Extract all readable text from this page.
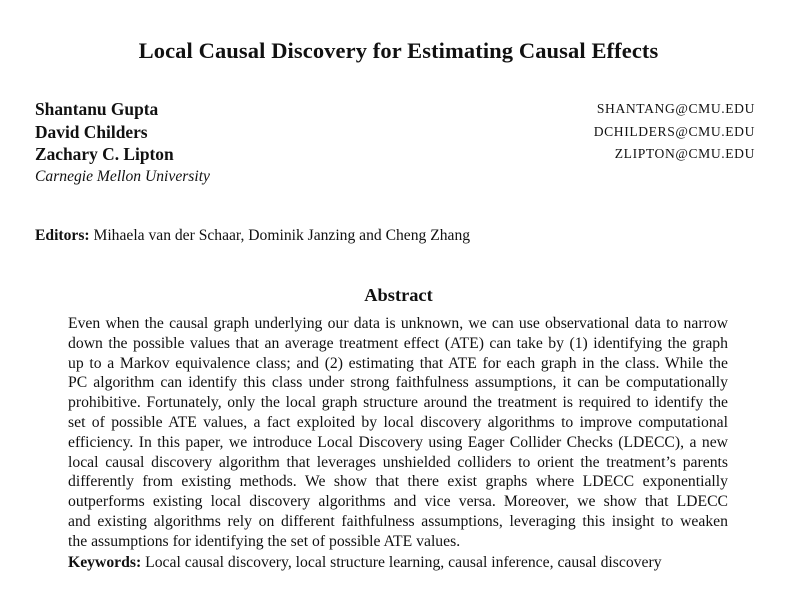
Local Causal Discovery for Estimating Causal Effects
Shantanu Gupta	SHANTANG@CMU.EDU
David Childers	DCHILDERS@CMU.EDU
Zachary C. Lipton	ZLIPTON@CMU.EDU
Carnegie Mellon University
Editors: Mihaela van der Schaar, Dominik Janzing and Cheng Zhang
Abstract
Even when the causal graph underlying our data is unknown, we can use observational data to narrow
down the possible values that an average treatment effect (ATE) can take by (1) identifying the graph
up to a Markov equivalence class; and (2) estimating that ATE for each graph in the class. While the
PC algorithm can identify this class under strong faithfulness assumptions, it can be computationally
prohibitive. Fortunately, only the local graph structure around the treatment is required to identify the
set of possible ATE values, a fact exploited by local discovery algorithms to improve computational
efficiency. In this paper, we introduce Local Discovery using Eager Collider Checks (LDECC), a new
local causal discovery algorithm that leverages unshielded colliders to orient the treatment’s parents
differently from existing methods. We show that there exist graphs where LDECC exponentially
outperforms existing local discovery algorithms and vice versa. Moreover, we show that LDECC
and existing algorithms rely on different faithfulness assumptions, leveraging this insight to weaken
the assumptions for identifying the set of possible ATE values.
Keywords: Local causal discovery, local structure learning, causal inference, causal discovery
